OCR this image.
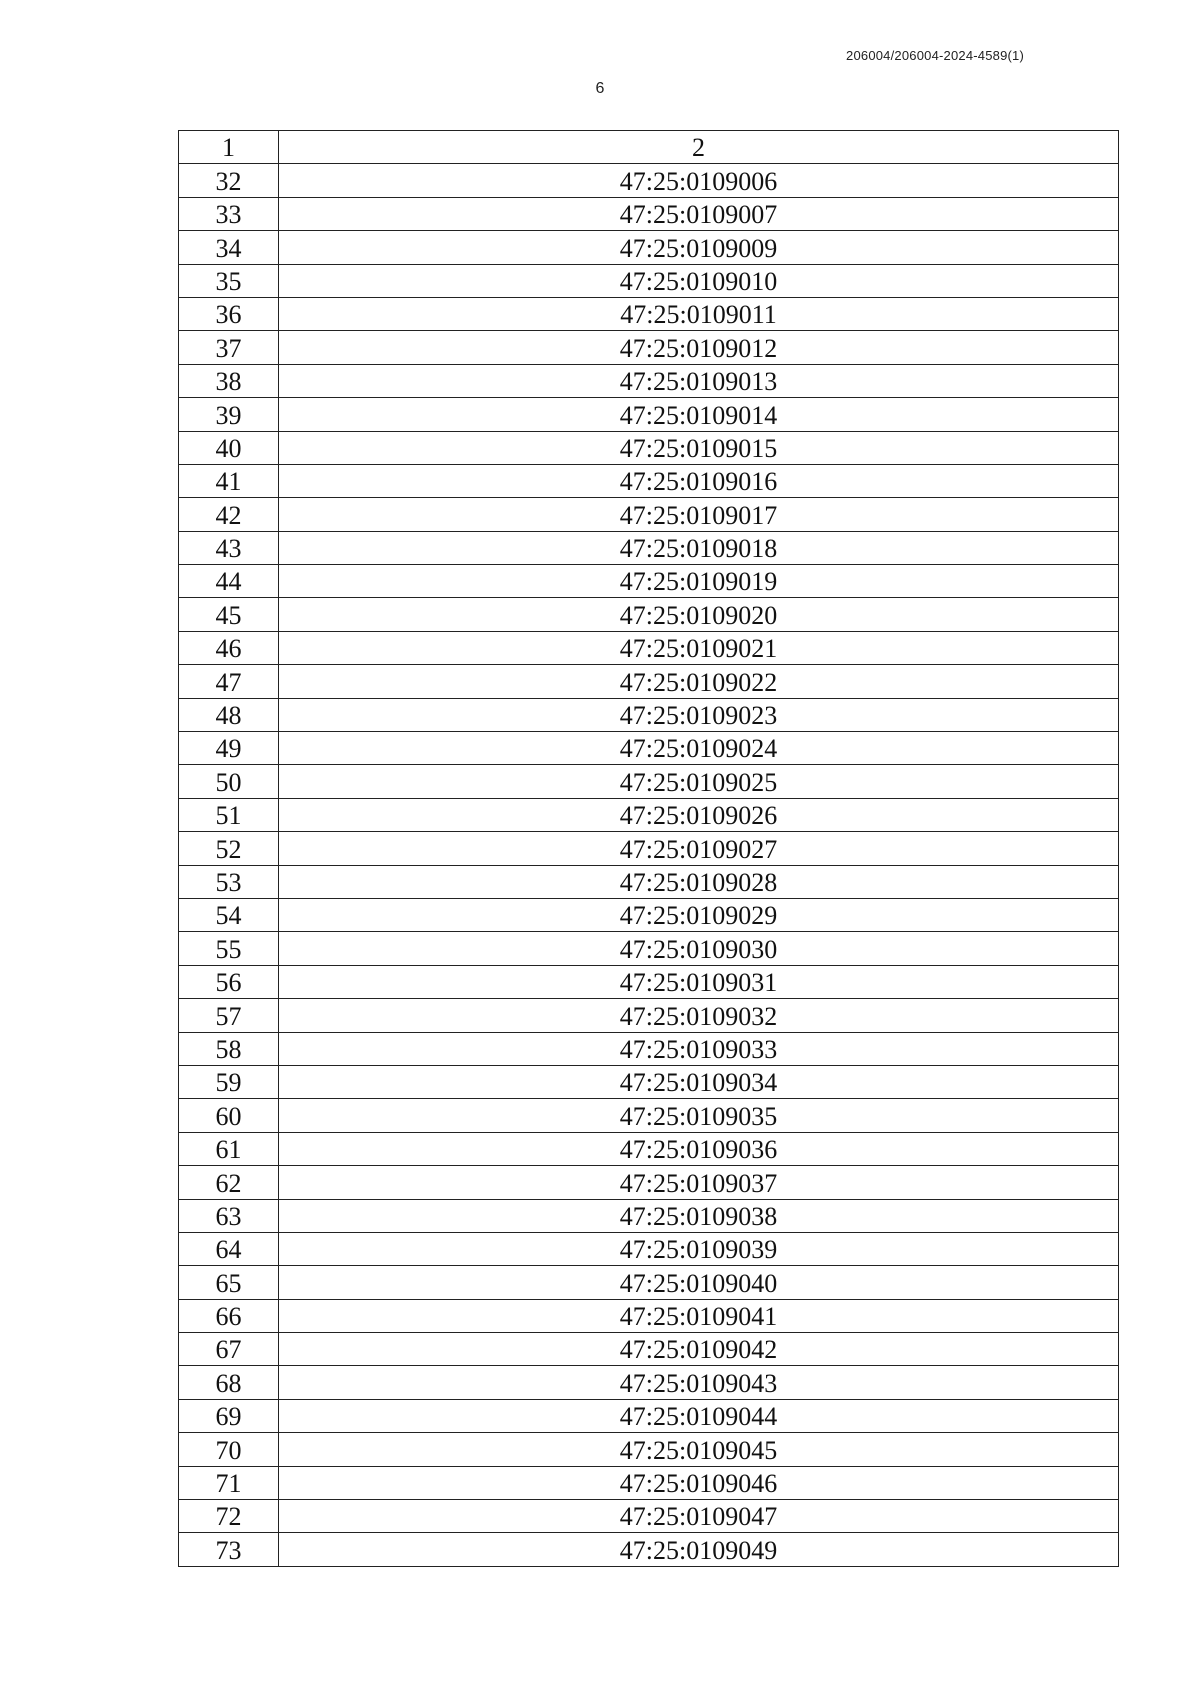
206004/206004-2024-4589(1)
6
1	2
32	47:25:0109006
33	47:25:0109007
34	47:25:0109009
35	47:25:0109010
36	47:25:0109011
37	47:25:0109012
38	47:25:0109013
39	47:25:0109014
40	47:25:0109015
41	47:25:0109016
42	47:25:0109017
43	47:25:0109018
44	47:25:0109019
45	47:25:0109020
46	47:25:0109021
47	47:25:0109022
48	47:25:0109023
49	47:25:0109024
50	47:25:0109025
51	47:25:0109026
52	47:25:0109027
53	47:25:0109028
54	47:25:0109029
55	47:25:0109030
56	47:25:0109031
57	47:25:0109032
58	47:25:0109033
59	47:25:0109034
60	47:25:0109035
61	47:25:0109036
62	47:25:0109037
63	47:25:0109038
64	47:25:0109039
65	47:25:0109040
66	47:25:0109041
67	47:25:0109042
68	47:25:0109043
69	47:25:0109044
70	47:25:0109045
71	47:25:0109046
72	47:25:0109047
73	47:25:0109049
